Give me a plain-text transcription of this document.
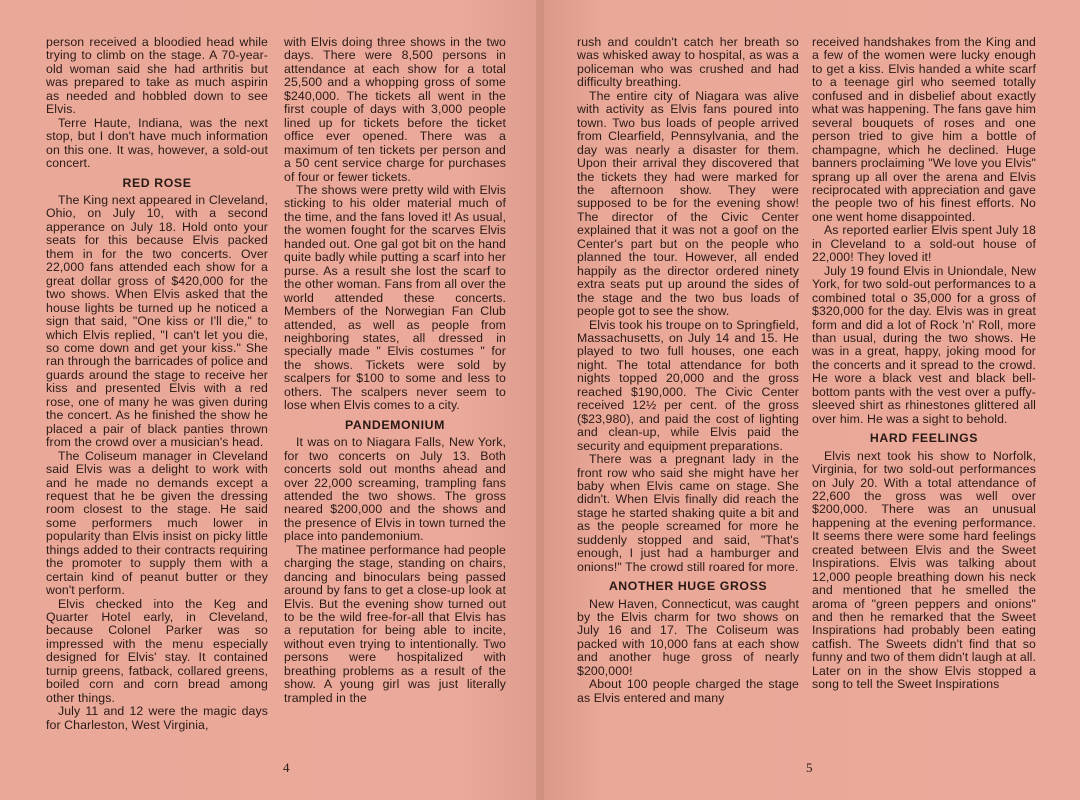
person received a bloodied head while trying to climb on the stage. A 70-year-old woman said she had arthritis but was prepared to take as much aspirin as needed and hobbled down to see Elvis.

Terre Haute, Indiana, was the next stop, but I don't have much information on this one. It was, however, a sold-out concert.

RED ROSE

The King next appeared in Cleveland, Ohio, on July 10, with a second apperance on July 18. Hold onto your seats for this because Elvis packed them in for the two concerts. Over 22,000 fans attended each show for a great dollar gross of $420,000 for the two shows. When Elvis asked that the house lights be turned up he noticed a sign that said, "One kiss or I'll die," to which Elvis replied, "I can't let you die, so come down and get your kiss." She ran through the barricades of police and guards around the stage to receive her kiss and presented Elvis with a red rose, one of many he was given during the concert. As he finished the show he placed a pair of black panties thrown from the crowd over a musician's head.

The Coliseum manager in Cleveland said Elvis was a delight to work with and he made no demands except a request that he be given the dressing room closest to the stage. He said some performers much lower in popularity than Elvis insist on picky little things added to their contracts requiring the promoter to supply them with a certain kind of peanut butter or they won't perform.

Elvis checked into the Keg and Quarter Hotel early, in Cleveland, because Colonel Parker was so impressed with the menu especially designed for Elvis' stay. It contained turnip greens, fatback, collared greens, boiled corn and corn bread among other things.

July 11 and 12 were the magic days for Charleston, West Virginia,

with Elvis doing three shows in the two days. There were 8,500 persons in attendance at each show for a total 25,500 and a whopping gross of some $240,000. The tickets all went in the first couple of days with 3,000 people lined up for tickets before the ticket office ever opened. There was a maximum of ten tickets per person and a 50 cent service charge for purchases of four or fewer tickets.

The shows were pretty wild with Elvis sticking to his older material much of the time, and the fans loved it! As usual, the women fought for the scarves Elvis handed out. One gal got bit on the hand quite badly while putting a scarf into her purse. As a result she lost the scarf to the other woman. Fans from all over the world attended these concerts. Members of the Norwegian Fan Club attended, as well as people from neighboring states, all dressed in specially made " Elvis costumes " for the shows. Tickets were sold by scalpers for $100 to some and less to others. The scalpers never seem to lose when Elvis comes to a city.

PANDEMONIUM

It was on to Niagara Falls, New York, for two concerts on July 13. Both concerts sold out months ahead and over 22,000 screaming, trampling fans attended the two shows. The gross neared $200,000 and the shows and the presence of Elvis in town turned the place into pandemonium.

The matinee performance had people charging the stage, standing on chairs, dancing and binoculars being passed around by fans to get a close-up look at Elvis. But the evening show turned out to be the wild free-for-all that Elvis has a reputation for being able to incite, without even trying to intentionally. Two persons were hospitalized with breathing problems as a result of the show. A young girl was just literally trampled in the

rush and couldn't catch her breath so was whisked away to hospital, as was a policeman who was crushed and had difficulty breathing.

The entire city of Niagara was alive with activity as Elvis fans poured into town. Two bus loads of people arrived from Clearfield, Pennsylvania, and the day was nearly a disaster for them. Upon their arrival they discovered that the tickets they had were marked for the afternoon show. They were supposed to be for the evening show! The director of the Civic Center explained that it was not a goof on the Center's part but on the people who planned the tour. However, all ended happily as the director ordered ninety extra seats put up around the sides of the stage and the two bus loads of people got to see the show.

Elvis took his troupe on to Springfield, Massachusetts, on July 14 and 15. He played to two full houses, one each night. The total attendance for both nights topped 20,000 and the gross reached $190,000. The Civic Center received 12½ per cent. of the gross ($23,980), and paid the cost of lighting and clean-up, while Elvis paid the security and equipment preparations.

There was a pregnant lady in the front row who said she might have her baby when Elvis came on stage. She didn't. When Elvis finally did reach the stage he started shaking quite a bit and as the people screamed for more he suddenly stopped and said, "That's enough, I just had a hamburger and onions!" The crowd still roared for more.

ANOTHER HUGE GROSS

New Haven, Connecticut, was caught by the Elvis charm for two shows on July 16 and 17. The Coliseum was packed with 10,000 fans at each show and another huge gross of nearly $200,000!

About 100 people charged the stage as Elvis entered and many

received handshakes from the King and a few of the women were lucky enough to get a kiss. Elvis handed a white scarf to a teenage girl who seemed totally confused and in disbelief about exactly what was happening. The fans gave him several bouquets of roses and one person tried to give him a bottle of champagne, which he declined. Huge banners proclaiming "We love you Elvis" sprang up all over the arena and Elvis reciprocated with appreciation and gave the people two of his finest efforts. No one went home disappointed.

As reported earlier Elvis spent July 18 in Cleveland to a sold-out house of 22,000! They loved it!

July 19 found Elvis in Uniondale, New York, for two sold-out performances to a combined total o 35,000 for a gross of $320,000 for the day. Elvis was in great form and did a lot of Rock 'n' Roll, more than usual, during the two shows. He was in a great, happy, joking mood for the concerts and it spread to the crowd. He wore a black vest and black bell-bottom pants with the vest over a puffy-sleeved shirt as rhinestones glittered all over him. He was a sight to behold.

HARD FEELINGS

Elvis next took his show to Norfolk, Virginia, for two sold-out performances on July 20. With a total attendance of 22,600 the gross was well over $200,000. There was an unusual happening at the evening performance. It seems there were some hard feelings created between Elvis and the Sweet Inspirations. Elvis was talking about 12,000 people breathing down his neck and mentioned that he smelled the aroma of "green peppers and onions" and then he remarked that the Sweet Inspirations had probably been eating catfish. The Sweets didn't find that so funny and two of them didn't laugh at all. Later on in the show Elvis stopped a song to tell the Sweet Inspirations

4	5
